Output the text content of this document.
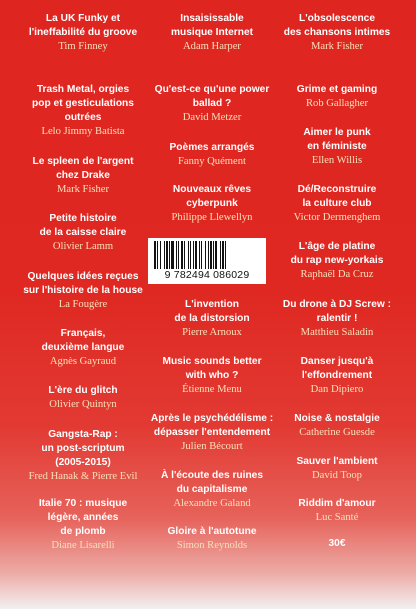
La UK Funky et
l'ineffabilité du groove
Tim Finney
Trash Metal, orgies
pop et gesticulations
outrées
Lelo Jimmy Batista
Le spleen de l'argent
chez Drake
Mark Fisher
Petite histoire
de la caisse claire
Olivier Lamm
Quelques idées reçues
sur l'histoire de la house
La Fougère
Français,
deuxième langue
Agnès Gayraud
L'ère du glitch
Olivier Quintyn
Gangsta-Rap :
un post-scriptum
(2005-2015)
Fred Hanak & Pierre Evil
Italie 70 : musique
légère, années
de plomb
Diane Lisarelli
Insaisissable
musique Internet
Adam Harper
Qu'est-ce qu'une power
ballad ?
David Metzer
Poèmes arrangés
Fanny Quément
Nouveaux rêves
cyberpunk
Philippe Llewellyn
L'invention
de la distorsion
Pierre Arnoux
Music sounds better
with who ?
Étienne Menu
Après le psychédélisme :
dépasser l'entendement
Julien Bécourt
À l'écoute des ruines
du capitalisme
Alexandre Galand
Gloire à l'autotune
Simon Reynolds
L'obsolescence
des chansons intimes
Mark Fisher
Grime et gaming
Rob Gallagher
Aimer le punk
en féministe
Ellen Willis
Dé/Reconstruire
la culture club
Victor Dermenghem
L'âge de platine
du rap new-yorkais
Raphaël Da Cruz
Du drone à DJ Screw :
ralentir !
Matthieu Saladin
Danser jusqu'à
l'effondrement
Dan Dipiero
Noise & nostalgie
Catherine Guesde
Sauver l'ambient
David Toop
Riddim d'amour
Luc Santé
9 782494 086029
30€
